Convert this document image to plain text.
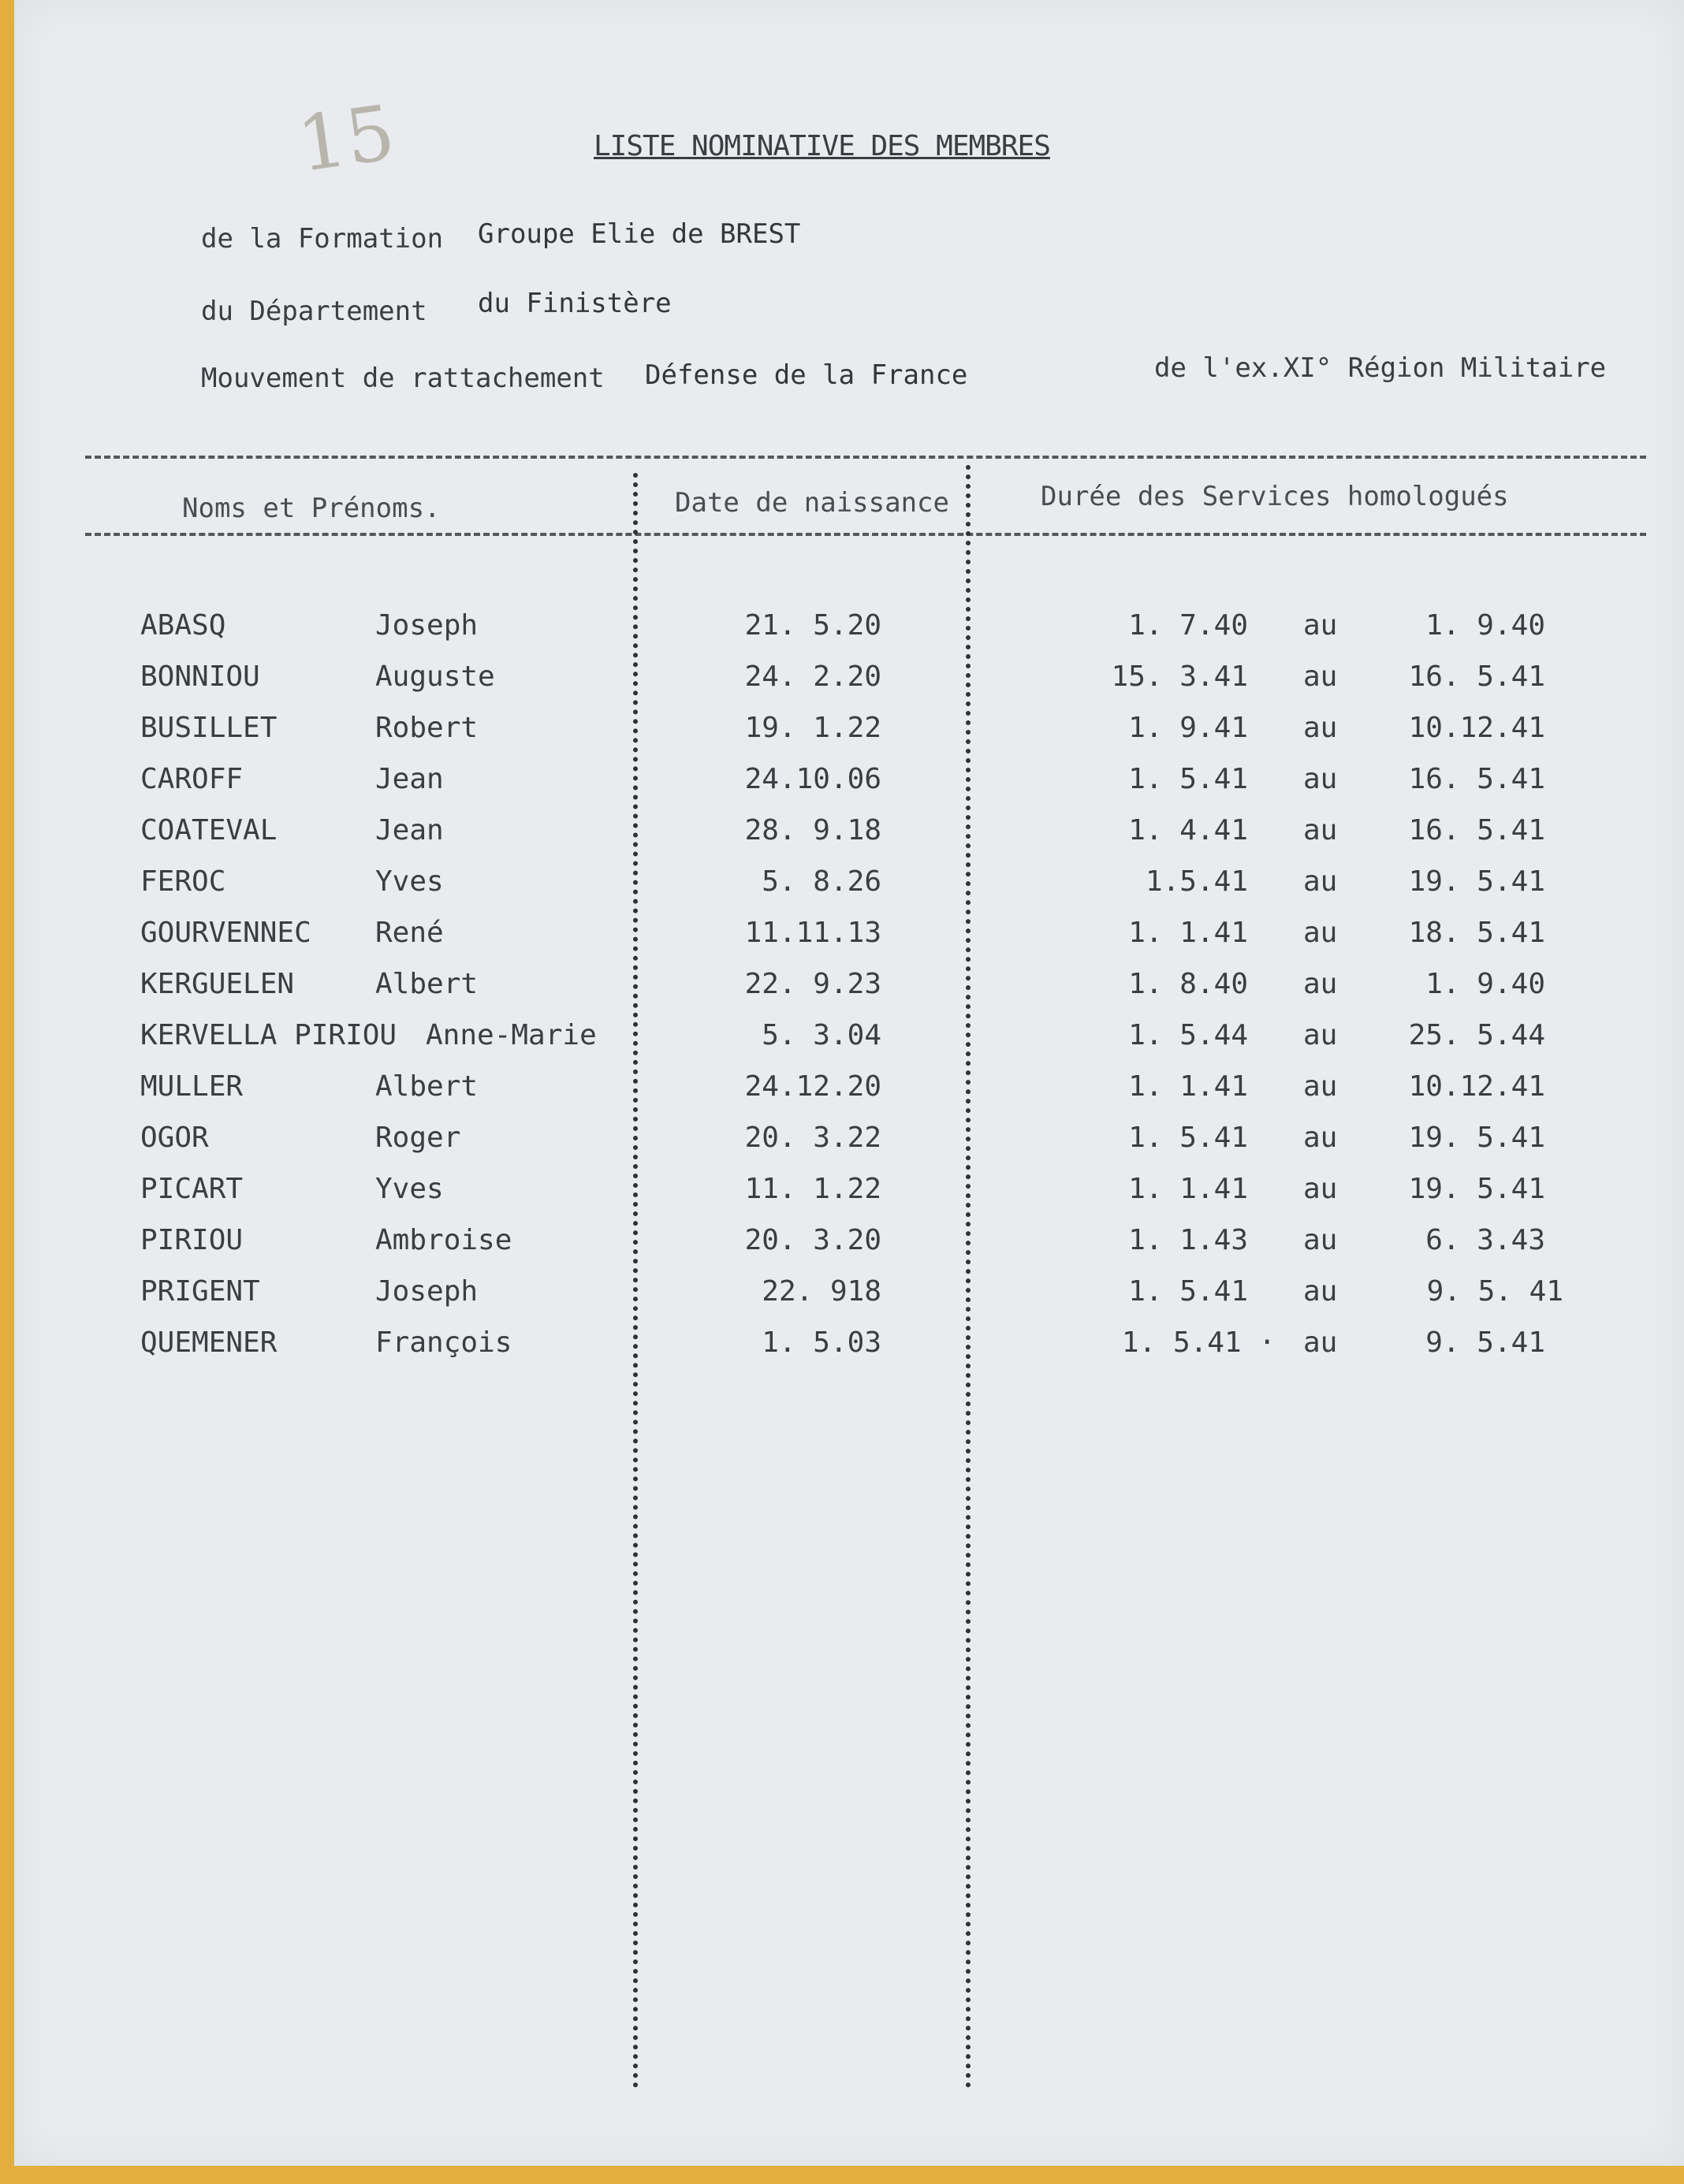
15	LISTE NOMINATIVE DES MEMBRES
de la Formation Groupe Elie de BREST
du Département du Finistère
Mouvement de rattachement Défense de la France	de l'ex.XI° Région Militaire
Noms et Prénoms.	Date de naissance	Durée des Services homologués
ABASQ	Joseph	21. 5.20	1. 7.40 au	1. 9.40
BONNIOU	Auguste	24. 2.20	15. 3.41 au	16. 5.41
BUSILLET	Robert	19. 1.22	1. 9.41 au	10.12.41
CAROFF	Jean	24.10.06	1. 5.41 au	16. 5.41
COATEVAL	Jean	28. 9.18	1. 4.41 au	16. 5.41
FEROC	Yves	5. 8.26	1.5.41 au	19. 5.41
GOURVENNEC René	11.11.13	1. 1.41 au	18. 5.41
KERGUELEN	Albert	22. 9.23	1. 8.40 au	1. 9.40
KERVELLA PIRIOU Anne-Marie	5. 3.04	1. 5.44 au	25. 5.44
MULLER	Albert	24.12.20	1. 1.41 au	10.12.41
OGOR	Roger	20. 3.22	1. 5.41 au	19. 5.41
PICART	Yves	11. 1.22	1. 1.41 au	19. 5.41
PIRIOU	Ambroise	20. 3.20	1. 1.43 au	6. 3.43
PRIGENT	Joseph	22. 918	1. 5.41 au	9. 5. 41
QUEMENER	François	1. 5.03	1. 5.41 · au	9. 5.41
